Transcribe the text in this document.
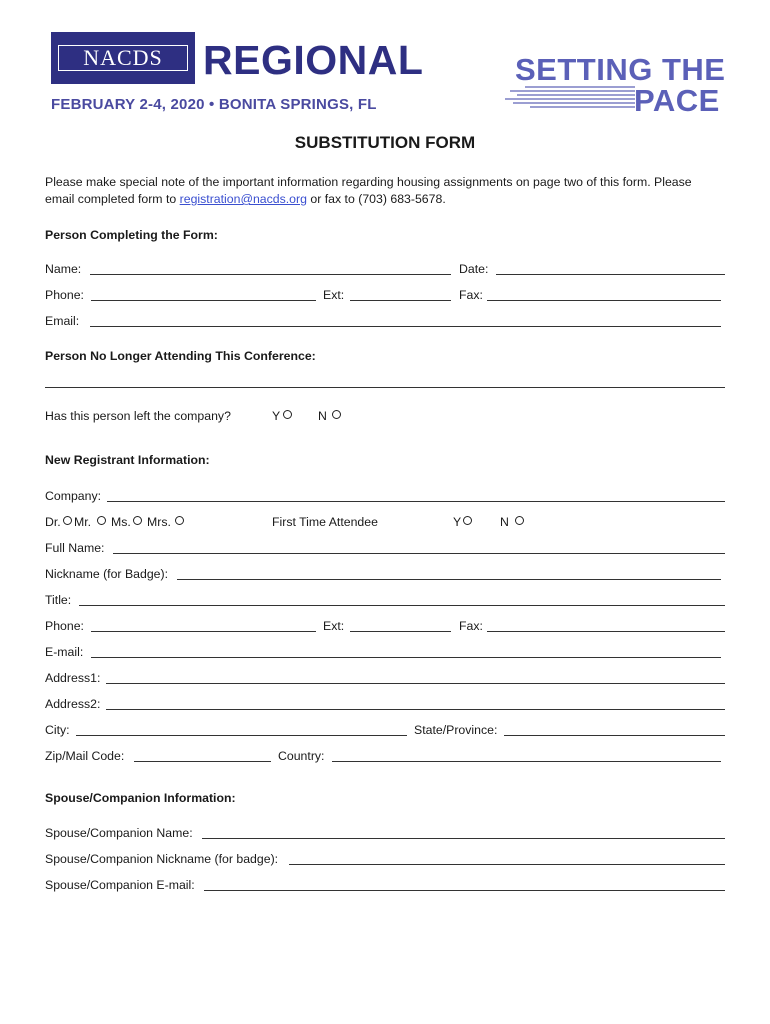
NACDS REGIONAL
FEBRUARY 2-4, 2020 • BONITA SPRINGS, FL
SETTING THE
PACE
SUBSTITUTION FORM
Please make special note of the important information regarding housing assignments on page two of this form. Please
email completed form to registration@nacds.org or fax to (703) 683-5678.
Person Completing the Form:
Name:	Date:
Phone:	Ext:	Fax:
Email:
Person No Longer Attending This Conference:
Has this person left the company?	Y	N
New Registrant Information:
Company:
Dr. Mr. Ms. Mrs.	First Time Attendee	Y	N
Full Name:
Nickname (for Badge):
Title:
Phone:	Ext:	Fax:
E-mail:
Address1:
Address2:
City:	State/Province:
Zip/Mail Code:	Country:
Spouse/Companion Information:
Spouse/Companion Name:
Spouse/Companion Nickname (for badge):
Spouse/Companion E-mail:
